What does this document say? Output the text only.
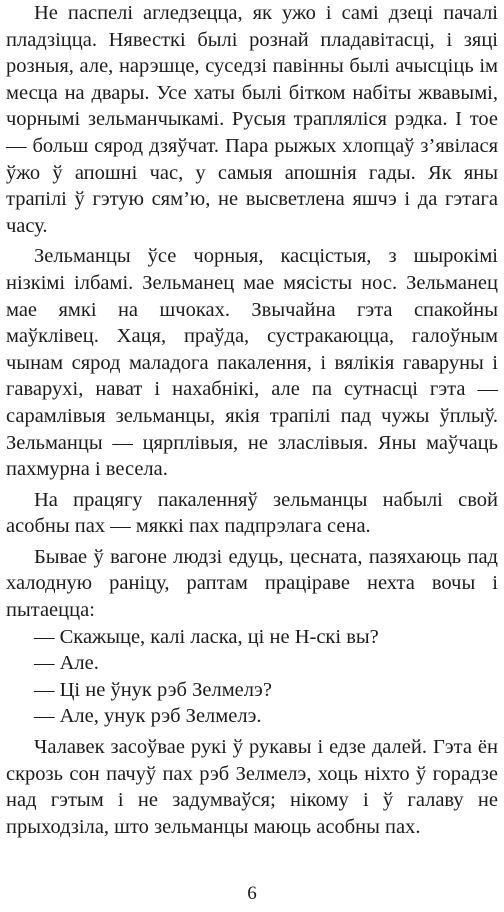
Не паспелі агледзецца, як ужо і самі дзеці пачалі пладзіцца. Нявесткі былі рознай пладавітасці, і зяці розныя, але, нарэшце, суседзі павінны былі ачысціць ім месца на двары. Усе хаты былі бітком набіты жвавымі, чорнымі зельманчыкамі. Русыя трапляліся рэдка. І тое — больш сярод дзяўчат. Пара рыжых хлопцаў з’явілася ўжо ў апошні час, у самыя апошнія гады. Як яны трапілі ў гэтую сям’ю, не высветлена яшчэ і да гэтага часу.

Зельманцы ўсе чорныя, касцістыя, з шырокімі нізкімі ілбамі. Зельманец мае мясісты нос. Зельманец мае ямкі на шчоках. Звычайна гэта спакойны маўклівец. Хаця, праўда, сустракаюцца, галоўным чынам сярод маладога пакалення, і вялікія гаваруны і гаварухі, нават і нахабнікі, але па сутнасці гэта — сарамлівыя зельманцы, якія трапілі пад чужы ўплыў. Зельманцы — цярплівыя, не зласлівыя. Яны маўчаць пахмурна і весела.

На працягу пакаленняў зельманцы набылі свой асобны пах — мяккі пах падпрэлага сена.

Бывае ў вагоне людзі едуць, цесната, пазяхаюць пад халодную раніцу, раптам праціраве нехта вочы і пытаецца:

— Скажыце, калі ласка, ці не Н-скі вы?

— Але.

— Ці не ўнук рэб Зелмелэ?

— Але, унук рэб Зелмелэ.

Чалавек засоўвае рукі ў рукавы і едзе далей. Гэта ён скрозь сон пачуў пах рэб Зелмелэ, хоць ніхто ў горадзе над гэтым і не задумваўся; нікому і ў галаву не прыходзіла, што зельманцы маюць асобны пах.

6
